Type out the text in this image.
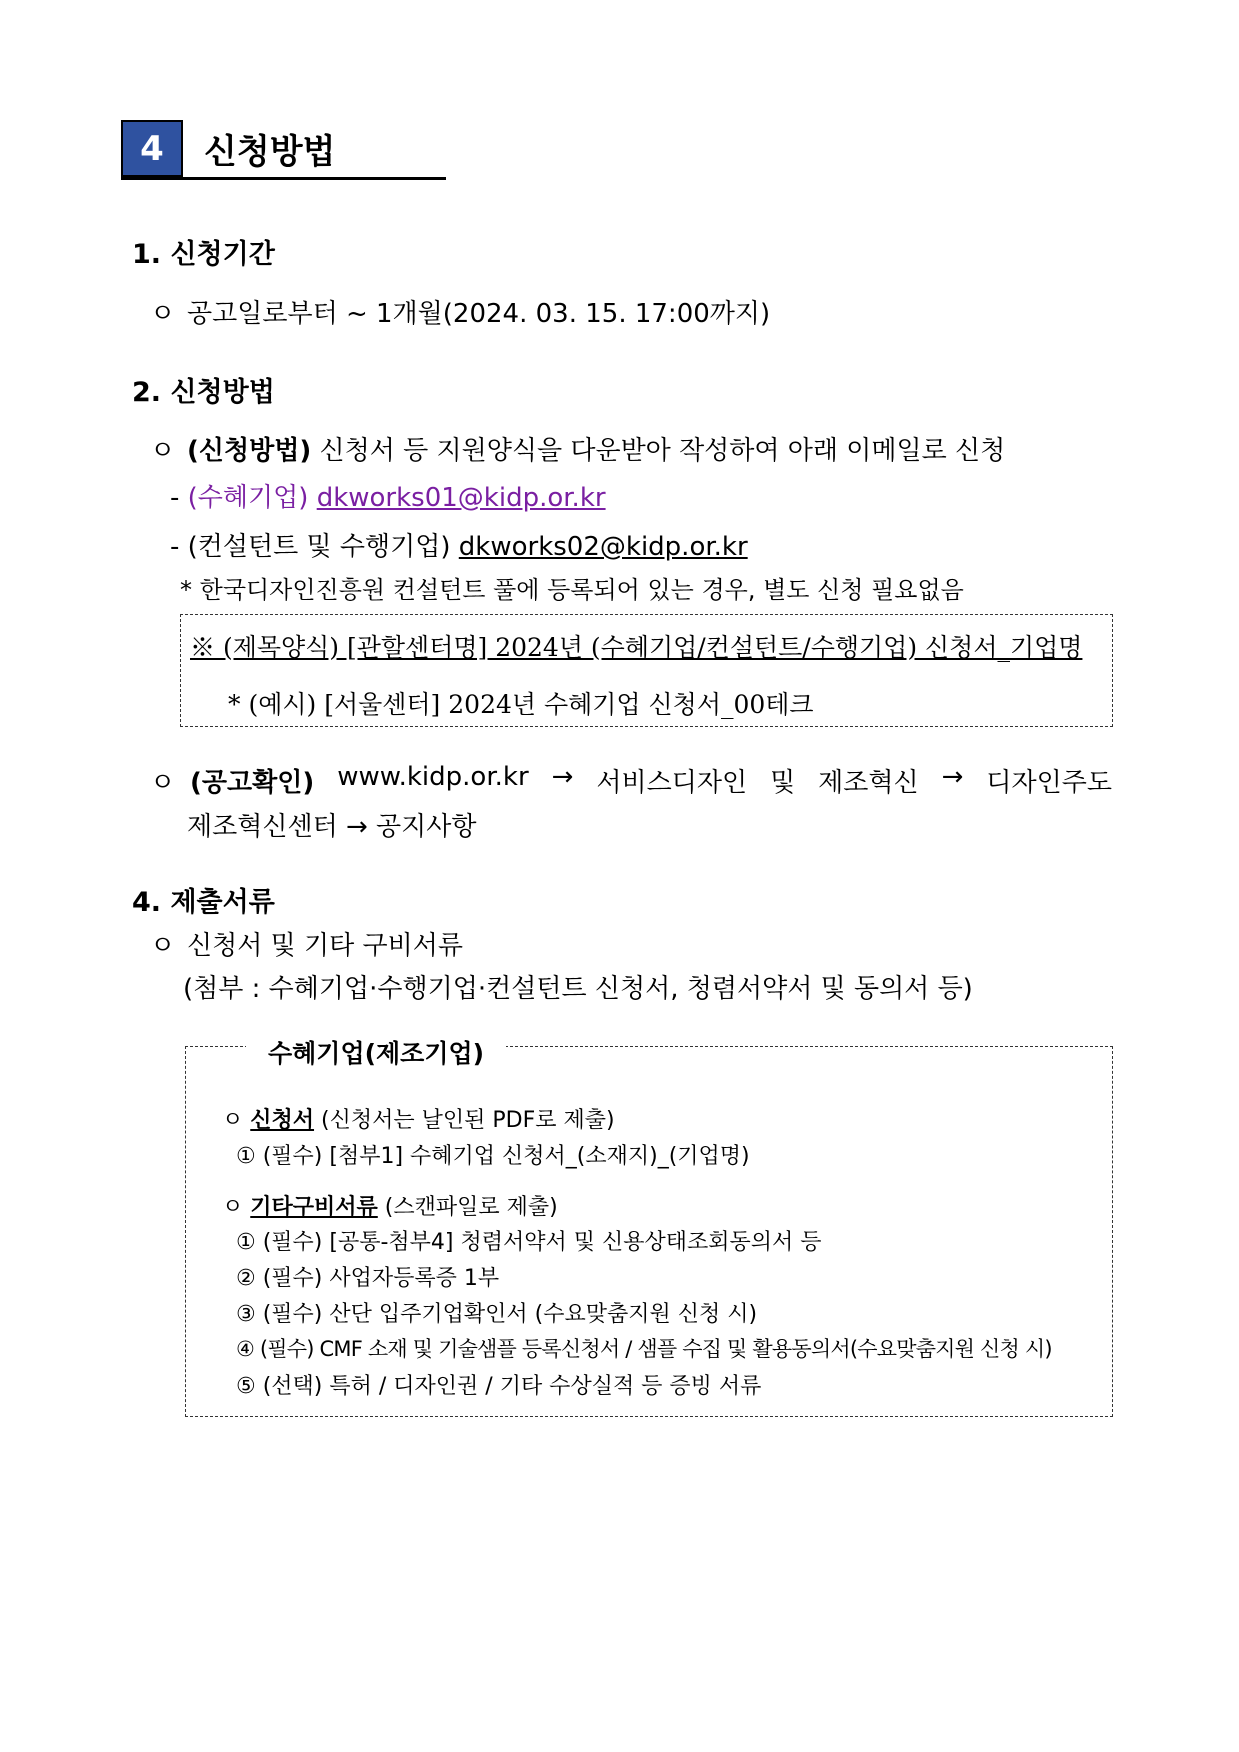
4	신청방법
1. 신청기간
ㅇ 공고일로부터 ~ 1개월(2024. 03. 15. 17:00까지)
2. 신청방법
ㅇ (신청방법) 신청서 등 지원양식을 다운받아 작성하여 아래 이메일로 신청
- (수혜기업) dkworks01@kidp.or.kr
- (컨설턴트 및 수행기업) dkworks02@kidp.or.kr
* 한국디자인진흥원 컨설턴트 풀에 등록되어 있는 경우, 별도 신청 필요없음
※ (제목양식) [관할센터명] 2024년 (수혜기업/컨설턴트/수행기업) 신청서_기업명
* (예시) [서울센터] 2024년 수혜기업 신청서_00테크
ㅇ (공고확인) www.kidp.or.kr → 서비스디자인 및 제조혁신 → 디자인주도
제조혁신센터 → 공지사항
4. 제출서류
ㅇ 신청서 및 기타 구비서류
(첨부 : 수혜기업·수행기업·컨설턴트 신청서, 청렴서약서 및 동의서 등)
수혜기업(제조기업)
ㅇ 신청서 (신청서는 날인된 PDF로 제출)
① (필수) [첨부1] 수혜기업 신청서_(소재지)_(기업명)
ㅇ 기타구비서류 (스캔파일로 제출)
① (필수) [공통-첨부4] 청렴서약서 및 신용상태조회동의서 등
② (필수) 사업자등록증 1부
③ (필수) 산단 입주기업확인서 (수요맞춤지원 신청 시)
④ (필수) CMF 소재 및 기술샘플 등록신청서 / 샘플 수집 및 활용동의서(수요맞춤지원 신청 시)
⑤ (선택) 특허 / 디자인권 / 기타 수상실적 등 증빙 서류
